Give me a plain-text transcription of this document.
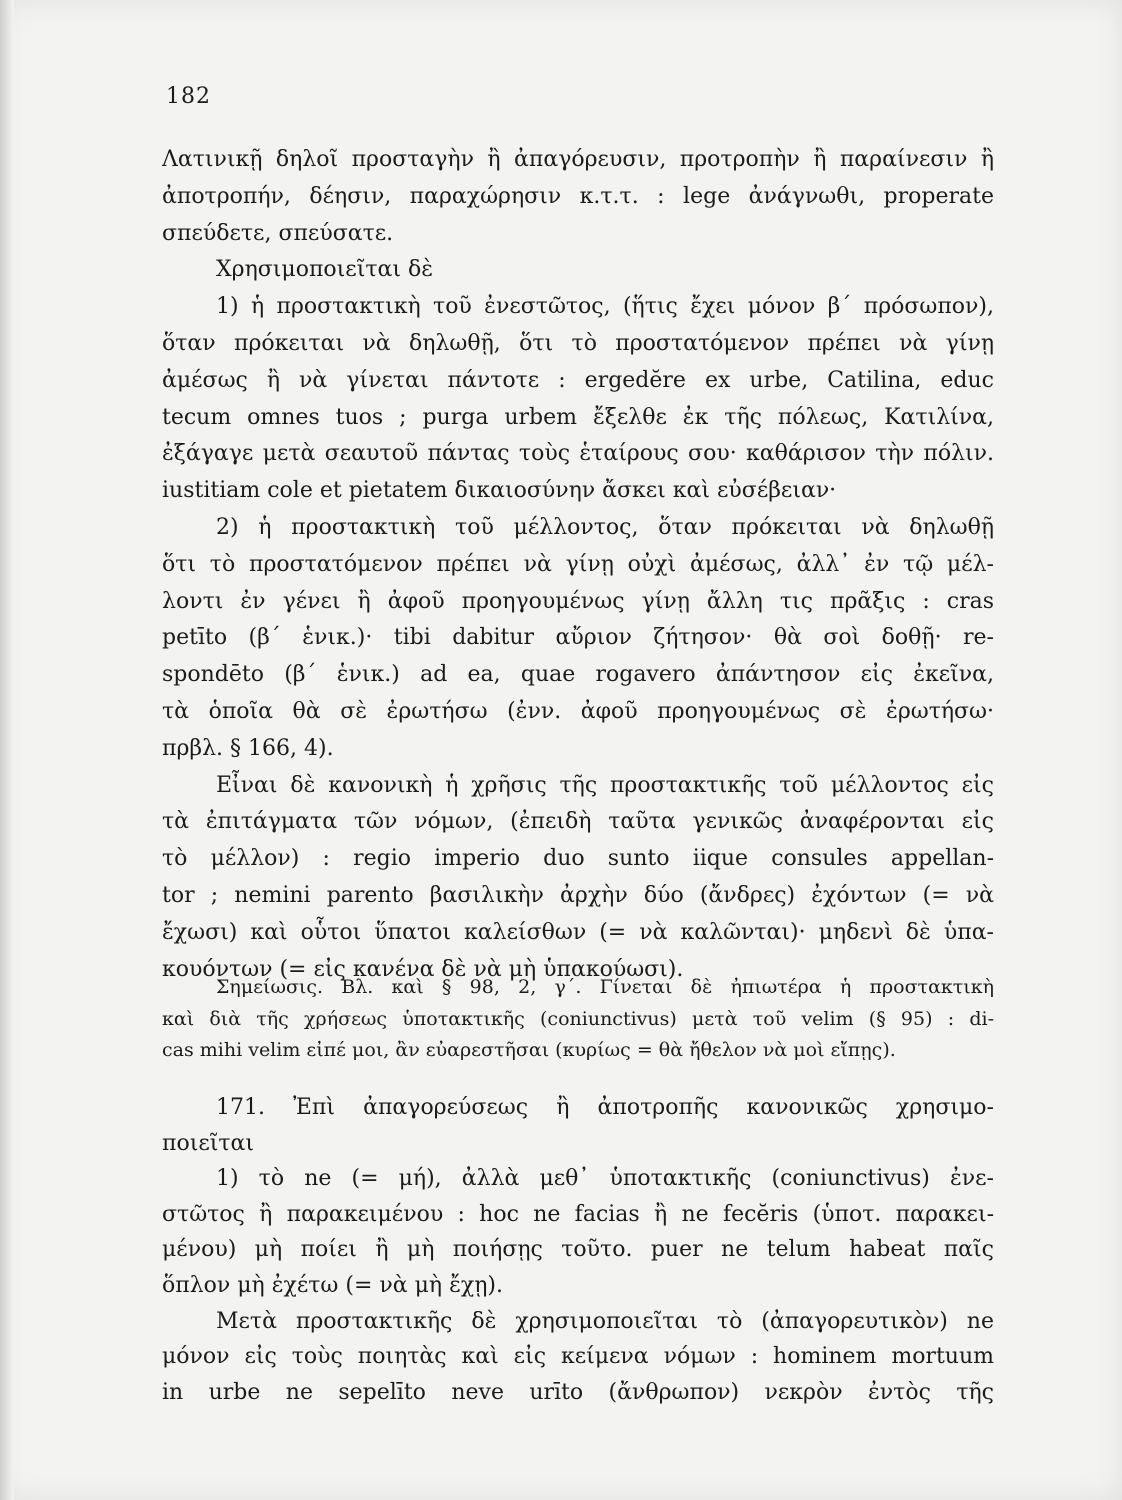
182
Λατινικῇ δηλοῖ προσταγὴν ἢ ἀπαγόρευσιν, προτροπὴν ἢ παραίνεσιν ἢ
ἀποτροπήν, δέησιν, παραχώρησιν κ.τ.τ. : lege ἀνάγνωθι, properate
σπεύδετε, σπεύσατε.
Χρησιμοποιεῖται δὲ
1) ἡ προστακτικὴ τοῦ ἐνεστῶτος, (ἥτις ἔχει μόνον β΄ πρόσωπον),
ὅταν πρόκειται νὰ δηλωθῇ, ὅτι τὸ προστατόμενον πρέπει νὰ γίνῃ
ἀμέσως ἢ νὰ γίνεται πάντοτε : ergedĕre ex urbe, Catilina, educ
tecum omnes tuos ; purga urbem ἔξελθε ἐκ τῆς πόλεως, Κατιλίνα,
ἐξάγαγε μετὰ σεαυτοῦ πάντας τοὺς ἑταίρους σου· καθάρισον τὴν πόλιν.
iustitiam cole et pietatem δικαιοσύνην ἄσκει καὶ εὐσέβειαν·
2) ἡ προστακτικὴ τοῦ μέλλοντος, ὅταν πρόκειται νὰ δηλωθῇ
ὅτι τὸ προστατόμενον πρέπει νὰ γίνῃ οὐχὶ ἀμέσως, ἀλλ᾽ ἐν τῷ μέλ-
λοντι ἐν γένει ἢ ἀφοῦ προηγουμένως γίνῃ ἄλλη τις πρᾶξις : cras
petīto (β΄ ἑνικ.)· tibi dabitur αὔριον ζήτησον· θὰ σοὶ δοθῇ· re-
spondēto (β΄ ἑνικ.) ad ea, quae rogavero ἀπάντησον εἰς ἐκεῖνα,
τὰ ὁποῖα θὰ σὲ ἐρωτήσω (ἐνν. ἀφοῦ προηγουμένως σὲ ἐρωτήσω·
πρβλ. § 166, 4).
Εἶναι δὲ κανονικὴ ἡ χρῆσις τῆς προστακτικῆς τοῦ μέλλοντος εἰς
τὰ ἐπιτάγματα τῶν νόμων, (ἐπειδὴ ταῦτα γενικῶς ἀναφέρονται εἰς
τὸ μέλλον) : regio imperio duo sunto iique consules appellan-
tor ; nemini parento βασιλικὴν ἀρχὴν δύο (ἄνδρες) ἐχόντων (= νὰ
ἔχωσι) καὶ οὗτοι ὕπατοι καλείσθων (= νὰ καλῶνται)· μηδενὶ δὲ ὑπα-
κουόντων (= εἰς κανένα δὲ νὰ μὴ ὑπακούωσι).
Σημείωσις. Βλ. καὶ § 98, 2, γ΄. Γίνεται δὲ ἠπιωτέρα ἡ προστακτικὴ
καὶ διὰ τῆς χρήσεως ὑποτακτικῆς (coniunctivus) μετὰ τοῦ velim (§ 95) : di-
cas mihi velim εἰπέ μοι, ἂν εὐαρεστῆσαι (κυρίως = θὰ ἤθελον νὰ μοὶ εἴπῃς).
171. Ἐπὶ ἀπαγορεύσεως ἢ ἀποτροπῆς κανονικῶς χρησιμο-
ποιεῖται
1) τὸ ne (= μή), ἀλλὰ μεθ᾽ ὑποτακτικῆς (coniunctivus) ἐνε-
στῶτος ἢ παρακειμένου : hoc ne facias ἢ ne fecĕris (ὑποτ. παρακει-
μένου) μὴ ποίει ἢ μὴ ποιήσῃς τοῦτο. puer ne telum habeat παῖς
ὅπλον μὴ ἐχέτω (= νὰ μὴ ἔχῃ).
Μετὰ προστακτικῆς δὲ χρησιμοποιεῖται τὸ (ἀπαγορευτικὸν) ne
μόνον εἰς τοὺς ποιητὰς καὶ εἰς κείμενα νόμων : hominem mortuum
in urbe ne sepelīto neve urīto (ἄνθρωπον) νεκρὸν ἐντὸς τῆς
